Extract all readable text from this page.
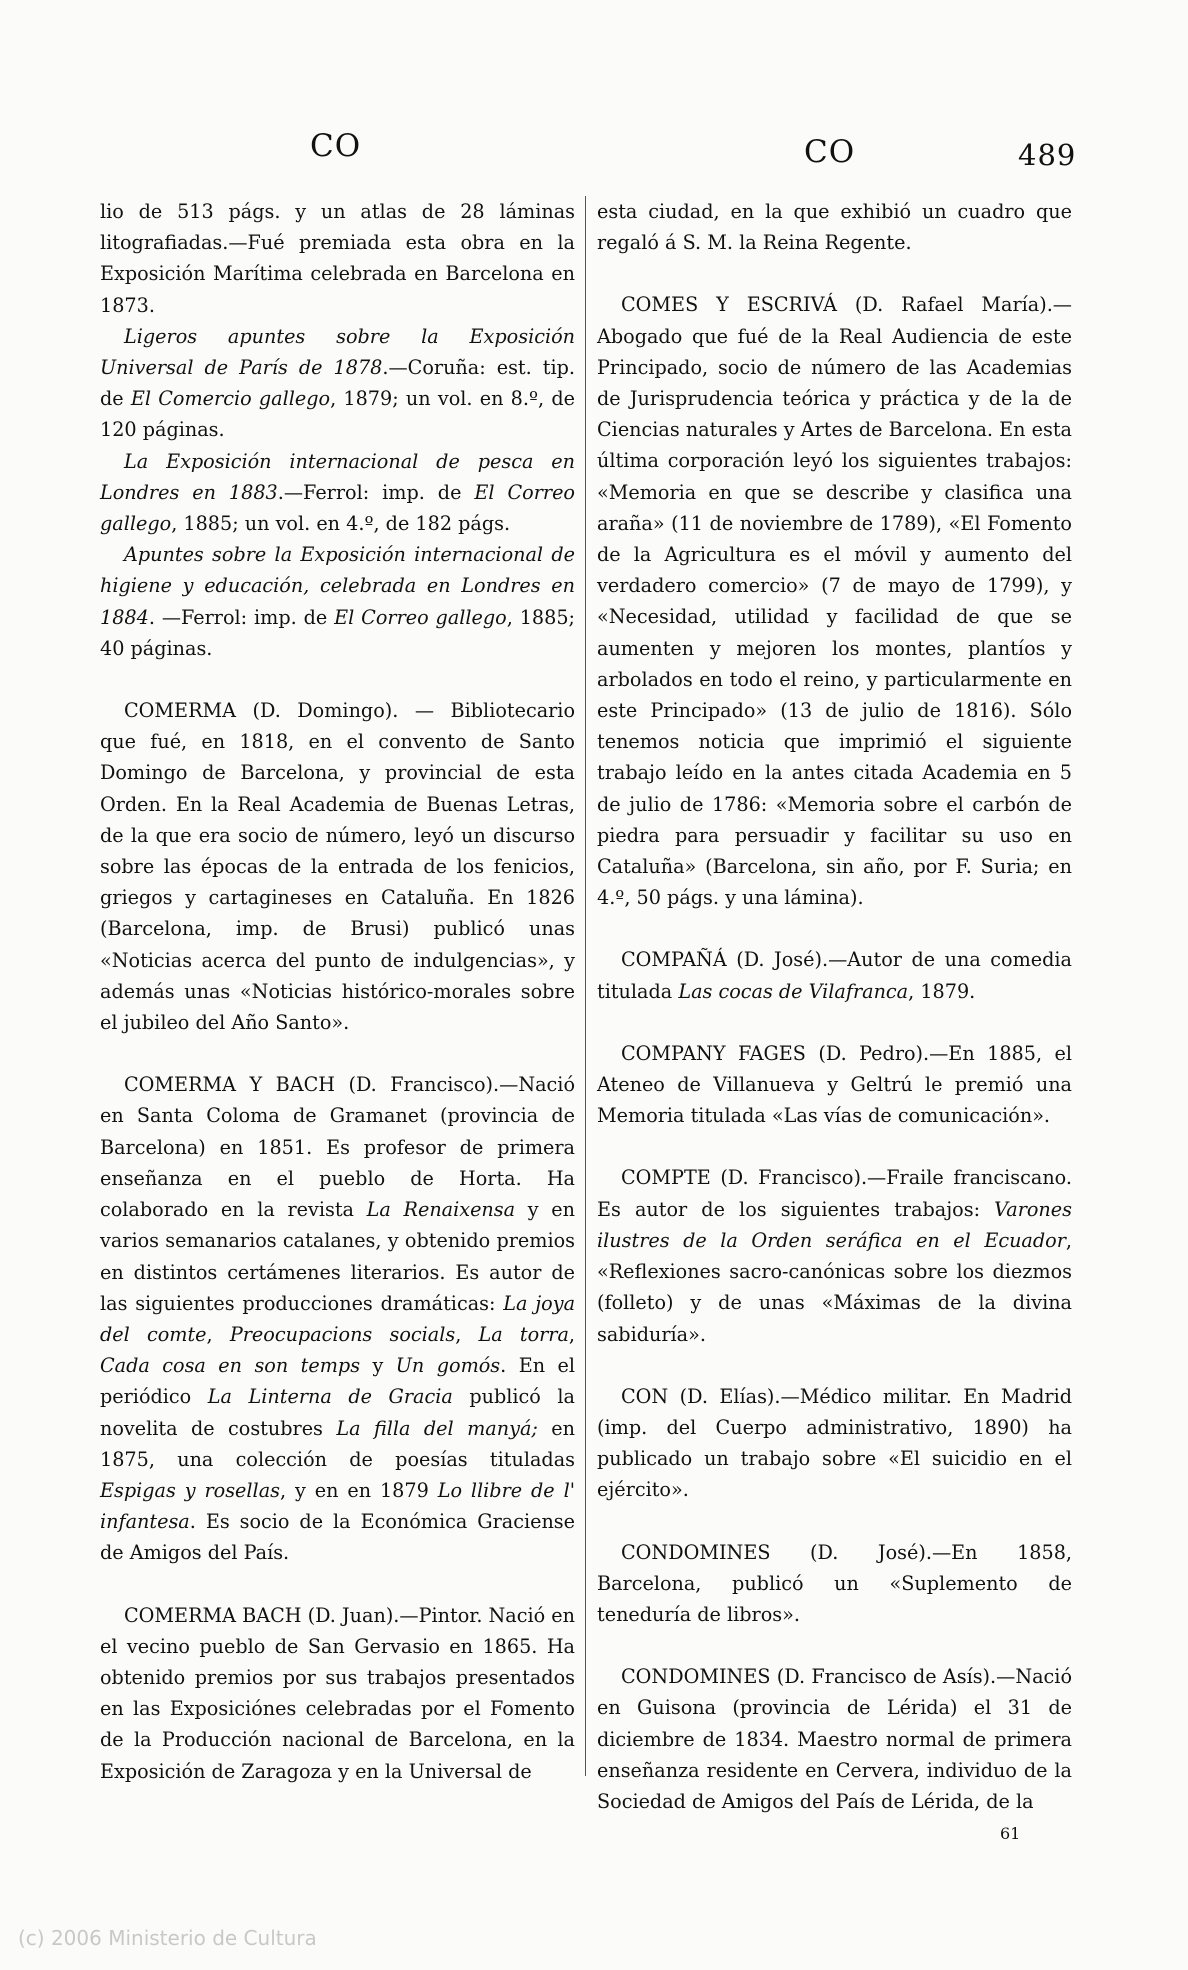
CO	CO	489

lio de 513 págs. y un atlas de 28 láminas litografiadas.—Fué premiada esta obra en la Exposición Marítima celebrada en Barcelona en 1873.

Ligeros apuntes sobre la Exposición Universal de París de 1878.—Coruña: est. tip. de El Comercio gallego, 1879; un vol. en 8.º, de 120 páginas.

La Exposición internacional de pesca en Londres en 1883.—Ferrol: imp. de El Correo gallego, 1885; un vol. en 4.º, de 182 págs.

Apuntes sobre la Exposición internacional de higiene y educación, celebrada en Londres en 1884. —Ferrol: imp. de El Correo gallego, 1885; 40 páginas.

COMERMA (D. Domingo). — Bibliotecario que fué, en 1818, en el convento de Santo Domingo de Barcelona, y provincial de esta Orden. En la Real Academia de Buenas Letras, de la que era socio de número, leyó un discurso sobre las épocas de la entrada de los fenicios, griegos y cartagineses en Cataluña. En 1826 (Barcelona, imp. de Brusi) publicó unas «Noticias acerca del punto de indulgencias», y además unas «Noticias histórico-morales sobre el jubileo del Año Santo».

COMERMA Y BACH (D. Francisco).—Nació en Santa Coloma de Gramanet (provincia de Barcelona) en 1851. Es profesor de primera enseñanza en el pueblo de Horta. Ha colaborado en la revista La Renaixensa y en varios semanarios catalanes, y obtenido premios en distintos certámenes literarios. Es autor de las siguientes producciones dramáticas: La joya del comte, Preocupacions socials, La torra, Cada cosa en son temps y Un gomós. En el periódico La Linterna de Gracia publicó la novelita de costubres La filla del manyá; en 1875, una colección de poesías tituladas Espigas y rosellas, y en en 1879 Lo llibre de l' infantesa. Es socio de la Económica Graciense de Amigos del País.

COMERMA BACH (D. Juan).—Pintor. Nació en el vecino pueblo de San Gervasio en 1865. Ha obtenido premios por sus trabajos presentados en las Exposiciónes celebradas por el Fomento de la Producción nacional de Barcelona, en la Exposición de Zaragoza y en la Universal de

esta ciudad, en la que exhibió un cuadro que regaló á S. M. la Reina Regente.

COMES Y ESCRIVÁ (D. Rafael María).—Abogado que fué de la Real Audiencia de este Principado, socio de número de las Academias de Jurisprudencia teórica y práctica y de la de Ciencias naturales y Artes de Barcelona. En esta última corporación leyó los siguientes trabajos: «Memoria en que se describe y clasifica una araña» (11 de noviembre de 1789), «El Fomento de la Agricultura es el móvil y aumento del verdadero comercio» (7 de mayo de 1799), y «Necesidad, utilidad y facilidad de que se aumenten y mejoren los montes, plantíos y arbolados en todo el reino, y particularmente en este Principado» (13 de julio de 1816). Sólo tenemos noticia que imprimió el siguiente trabajo leído en la antes citada Academia en 5 de julio de 1786: «Memoria sobre el carbón de piedra para persuadir y facilitar su uso en Cataluña» (Barcelona, sin año, por F. Suria; en 4.º, 50 págs. y una lámina).

COMPAÑÁ (D. José).—Autor de una comedia titulada Las cocas de Vilafranca, 1879.

COMPANY FAGES (D. Pedro).—En 1885, el Ateneo de Villanueva y Geltrú le premió una Memoria titulada «Las vías de comunicación».

COMPTE (D. Francisco).—Fraile franciscano. Es autor de los siguientes trabajos: Varones ilustres de la Orden seráfica en el Ecuador, «Reflexiones sacro-canónicas sobre los diezmos (folleto) y de unas «Máximas de la divina sabiduría».

CON (D. Elías).—Médico militar. En Madrid (imp. del Cuerpo administrativo, 1890) ha publicado un trabajo sobre «El suicidio en el ejército».

CONDOMINES (D. José).—En 1858, Barcelona, publicó un «Suplemento de teneduría de libros».

CONDOMINES (D. Francisco de Asís).—Nació en Guisona (provincia de Lérida) el 31 de diciembre de 1834. Maestro normal de primera enseñanza residente en Cervera, individuo de la Sociedad de Amigos del País de Lérida, de la

61
(c) 2006 Ministerio de Cultura
